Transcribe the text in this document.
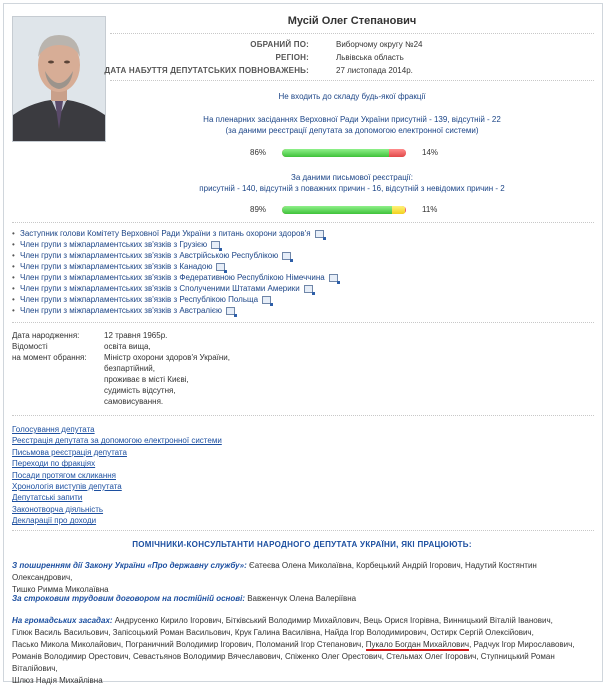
Мусій Олег Степанович
ОБРАНИЙ ПО:	Виборчому округу №24
РЕГІОН:	Львівська область
ДАТА НАБУТТЯ ДЕПУТАТСЬКИХ ПОВНОВАЖЕНЬ:	27 листопада 2014р.
Не входить до складу будь-якої фракції
На пленарних засіданнях Верховної Ради України присутній - 139, відсутній - 22
(за даними реєстрації депутата за допомогою електронної системи)
86%	14%
За даними письмової реєстрації:
присутній - 140, відсутній з поважних причин - 16, відсутній з невідомих причин - 2
89%	11%
• Заступник голови Комітету Верховної Ради України з питань охорони здоров'я
• Член групи з міжпарламентських зв'язків з Грузією
• Член групи з міжпарламентських зв'язків з Австрійською Республікою
• Член групи з міжпарламентських зв'язків з Канадою
• Член групи з міжпарламентських зв'язків з Федеративною Республікою Німеччина
• Член групи з міжпарламентських зв'язків з Сполученими Штатами Америки
• Член групи з міжпарламентських зв'язків з Республікою Польща
• Член групи з міжпарламентських зв'язків з Австралією
Дата народження:	12 травня 1965р.
Відомості	освіта вища,
на момент обрання: Міністр охорони здоров'я України,
безпартійний,
проживає в місті Києві,
судимість відсутня,
самовисування.
Голосування депутата
Реєстрація депутата за допомогою електронної системи
Письмова реєстрація депутата
Переходи по фракціях
Посади протягом скликання
Хронологія виступів депутата
Депутатські запити
Законотворча діяльність
Декларації про доходи
ПОМІЧНИКИ-КОНСУЛЬТАНТИ НАРОДНОГО ДЕПУТАТА УКРАЇНИ, ЯКІ ПРАЦЮЮТЬ:
З поширенням дії Закону України «Про державну службу»: Єатеєва Олена Миколаївна, Корбецький Андрій Ігорович, Надутий Костянтин Олександрович,
Тишко Римма Миколаївна
За строковим трудовим договором на постійній основі: Вавженчук Олена Валеріївна
На громадських засадах: Андрусенко Кирило Ігорович, Бітківський Володимир Михайлович, Вець Орися Ігорівна, Винницький Віталій Іванович,
Гілюк Василь Васильович, Запісоцький Роман Васильович, Крук Галина Василівна, Найда Ігор Володимирович, Остирк Сергій Олексійович,
Пасько Микола Миколайович, Пограничний Володимир Ігорович, Поломаний Ігор Степанович, Пукало Богдан Михайлович, Радчук Ігор Мирославович,
Романів Володимир Орестович, Севастьянов Володимир Вячеславович, Спіженко Олег Орестович, Стельмах Олег Ігорович, Ступницький Роман Віталійович,
Шлюз Надія Михайлівна
